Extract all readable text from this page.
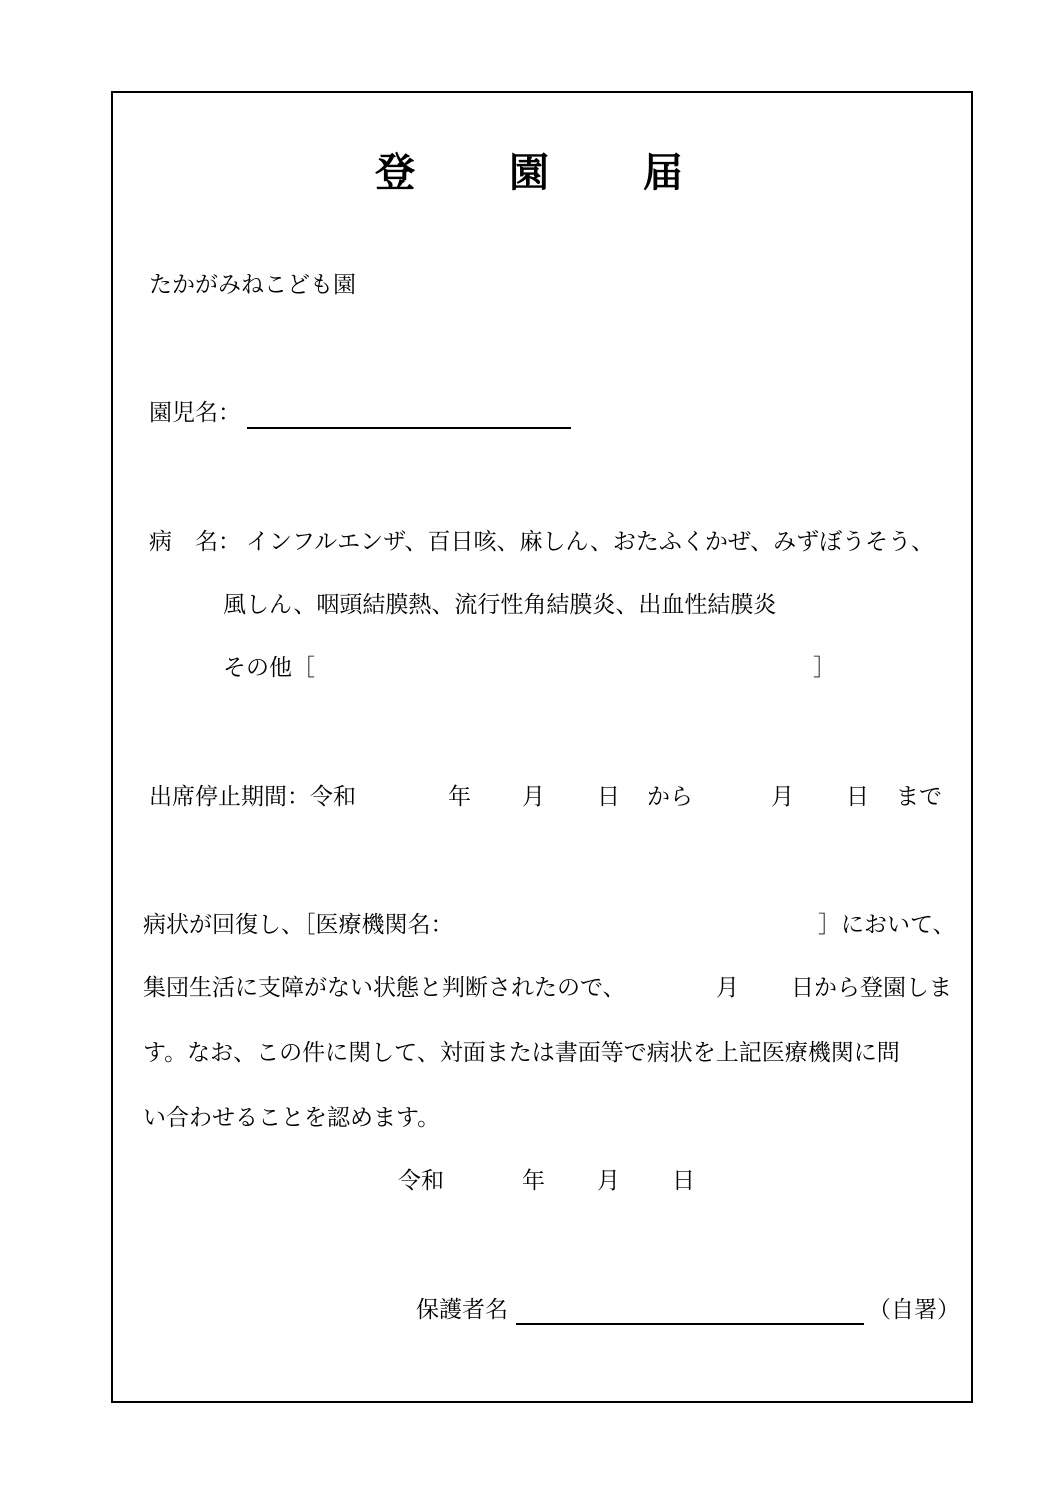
登 園 届
たかがみねこども園
園児名：
病　名： インフルエンザ、百日咳、麻しん、おたふくかぜ、みずぼうそう、
風しん、咽頭結膜熱、流行性角結膜炎、出血性結膜炎
その他［	］
出席停止期間：令和	年 月 日 から	月 日 まで
病状が回復し、［医療機関名：	］において、
集団生活に支障がない状態と判断されたので、	月 日から登園しま
す。なお、この件に関して、対面または書面等で病状を上記医療機関に問
い合わせることを認めます。
令和	年 月 日
保護者名	（自署）
